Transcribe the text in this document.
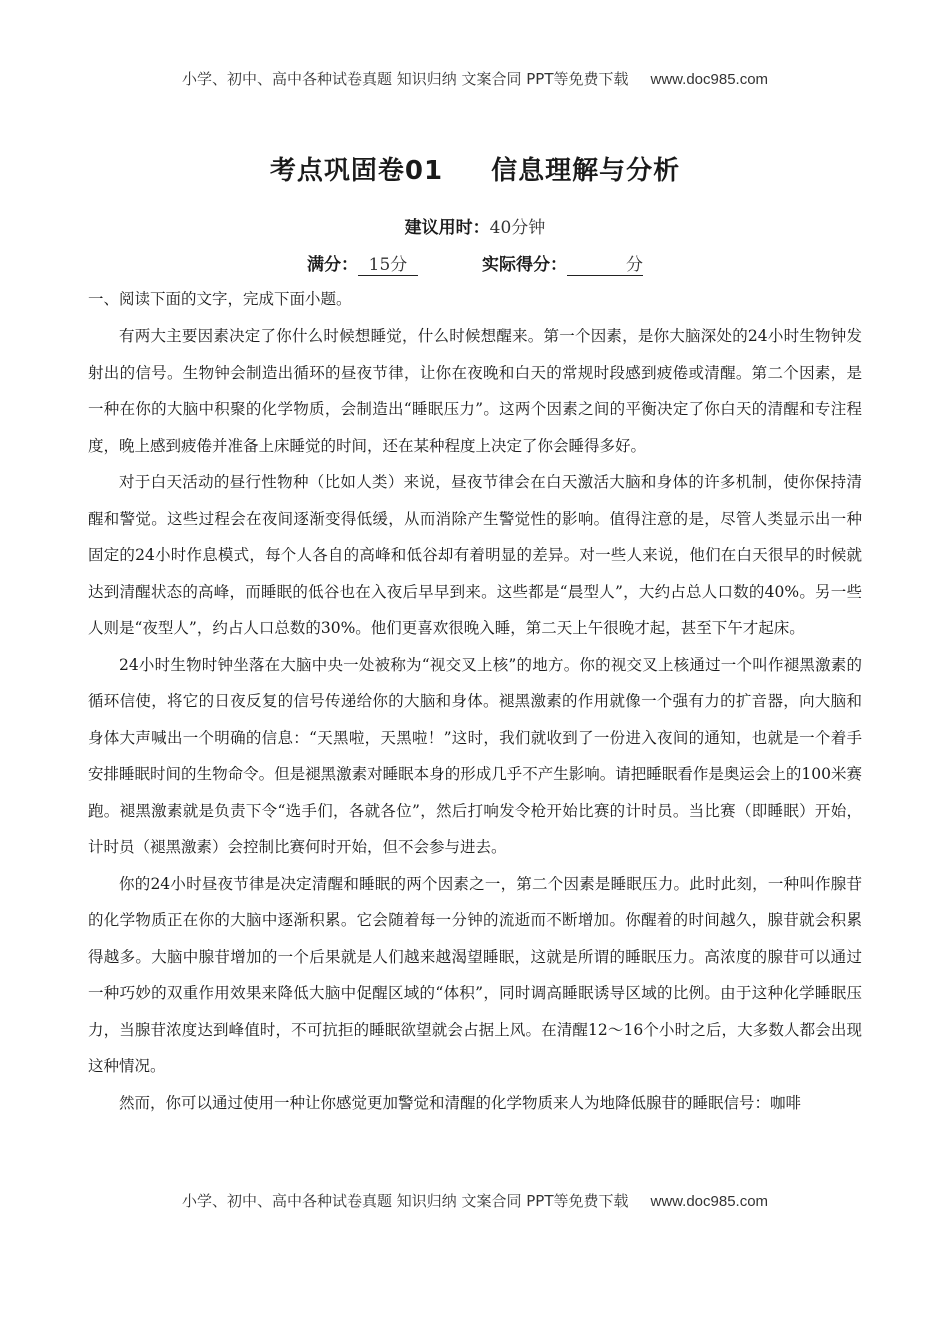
小学、初中、高中各种试卷真题 知识归纳 文案合同 PPT等免费下载 www.doc985.com
考点巩固卷01 信息理解与分析
建议用时：40分钟
满分： 15分	实际得分：	分
一、阅读下面的文字，完成下面小题。

有两大主要因素决定了你什么时候想睡觉，什么时候想醒来。第一个因素，是你大脑深处的24小时生物钟发射出的信号。生物钟会制造出循环的昼夜节律，让你在夜晚和白天的常规时段感到疲倦或清醒。第二个因素，是一种在你的大脑中积聚的化学物质，会制造出“睡眠压力”。这两个因素之间的平衡决定了你白天的清醒和专注程度，晚上感到疲倦并准备上床睡觉的时间，还在某种程度上决定了你会睡得多好。

对于白天活动的昼行性物种（比如人类）来说，昼夜节律会在白天激活大脑和身体的许多机制，使你保持清醒和警觉。这些过程会在夜间逐渐变得低缓，从而消除产生警觉性的影响。值得注意的是，尽管人类显示出一种固定的24小时作息模式，每个人各自的高峰和低谷却有着明显的差异。对一些人来说，他们在白天很早的时候就达到清醒状态的高峰，而睡眠的低谷也在入夜后早早到来。这些都是“晨型人”，大约占总人口数的40%。另一些人则是“夜型人”，约占人口总数的30%。他们更喜欢很晚入睡，第二天上午很晚才起，甚至下午才起床。

24小时生物时钟坐落在大脑中央一处被称为“视交叉上核”的地方。你的视交叉上核通过一个叫作褪黑激素的循环信使，将它的日夜反复的信号传递给你的大脑和身体。褪黑激素的作用就像一个强有力的扩音器，向大脑和身体大声喊出一个明确的信息：“天黑啦，天黑啦！”这时，我们就收到了一份进入夜间的通知，也就是一个着手安排睡眠时间的生物命令。但是褪黑激素对睡眠本身的形成几乎不产生影响。请把睡眠看作是奥运会上的100米赛跑。褪黑激素就是负责下令“选手们，各就各位”，然后打响发令枪开始比赛的计时员。当比赛（即睡眠）开始，计时员（褪黑激素）会控制比赛何时开始，但不会参与进去。

你的24小时昼夜节律是决定清醒和睡眠的两个因素之一，第二个因素是睡眠压力。此时此刻，一种叫作腺苷的化学物质正在你的大脑中逐渐积累。它会随着每一分钟的流逝而不断增加。你醒着的时间越久，腺苷就会积累得越多。大脑中腺苷增加的一个后果就是人们越来越渴望睡眠，这就是所谓的睡眠压力。高浓度的腺苷可以通过一种巧妙的双重作用效果来降低大脑中促醒区域的“体积”，同时调高睡眠诱导区域的比例。由于这种化学睡眠压力，当腺苷浓度达到峰值时，不可抗拒的睡眠欲望就会占据上风。在清醒12～16个小时之后，大多数人都会出现这种情况。

然而，你可以通过使用一种让你感觉更加警觉和清醒的化学物质来人为地降低腺苷的睡眠信号：咖啡

小学、初中、高中各种试卷真题 知识归纳 文案合同 PPT等免费下载 www.doc985.com
